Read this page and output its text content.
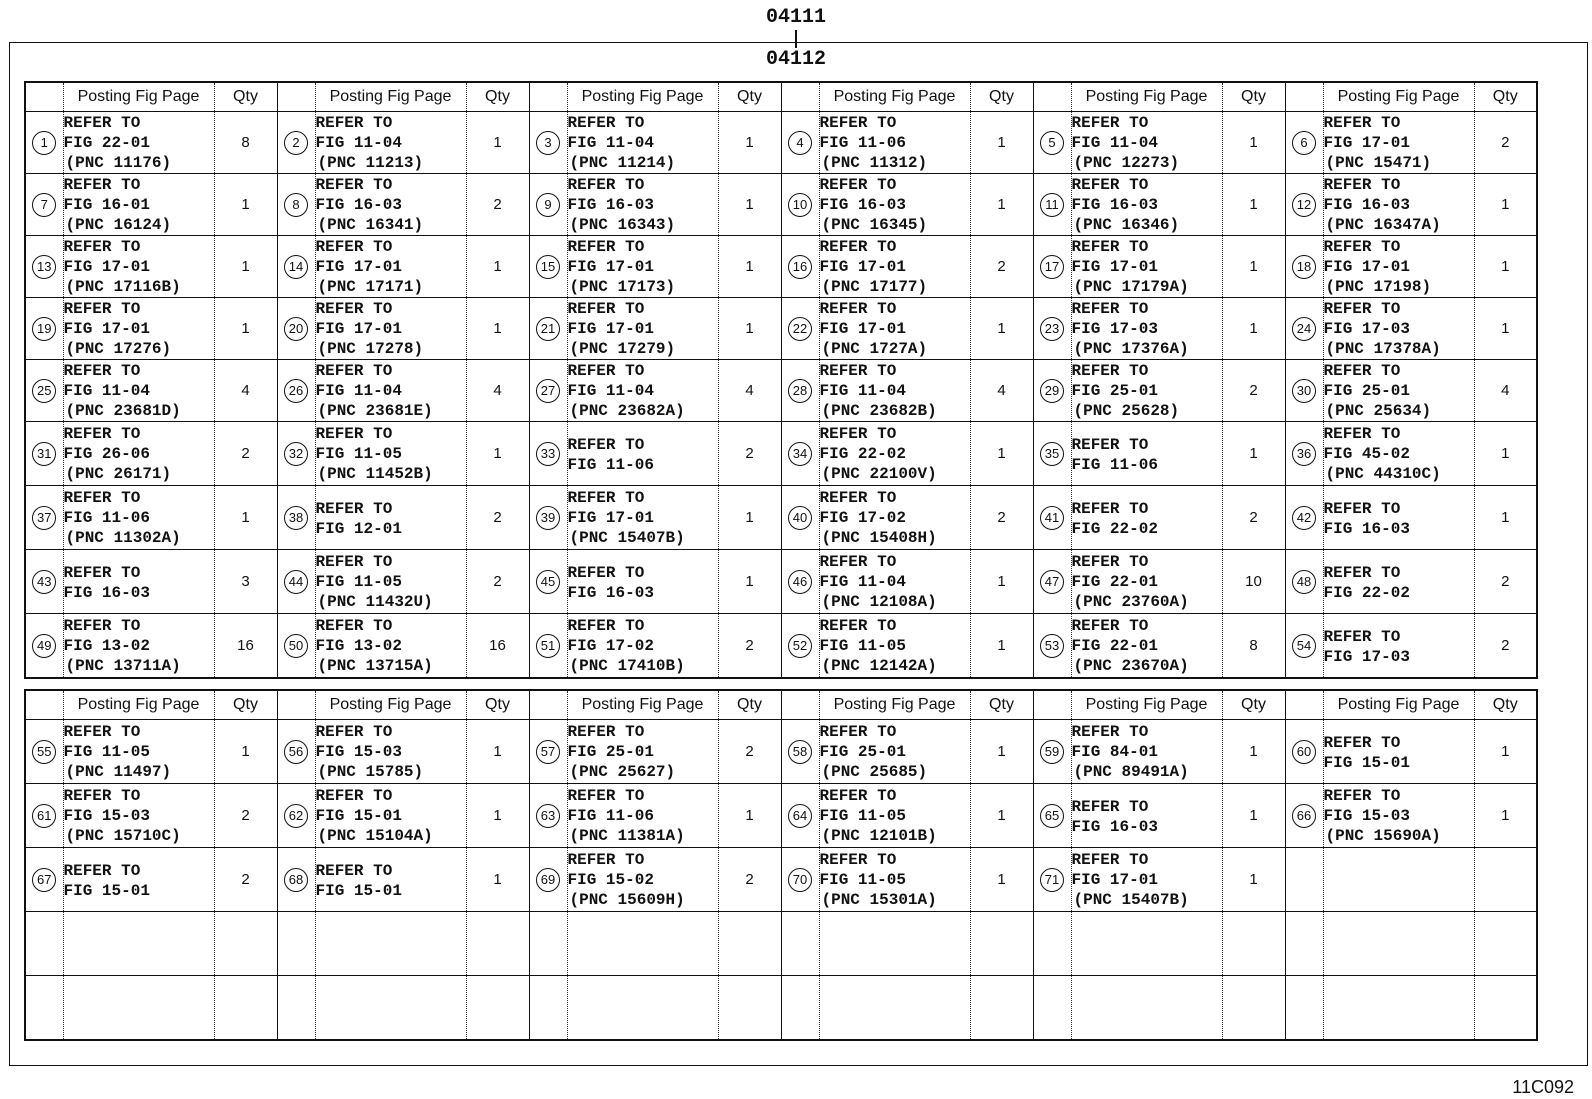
04111
04112
	Posting Fig Page	Qty		Posting Fig Page	Qty		Posting Fig Page	Qty		Posting Fig Page	Qty		Posting Fig Page	Qty		Posting Fig Page	Qty
1	REFER TO
FIG 22-01
(PNC 11176)	8	2	REFER TO
FIG 11-04
(PNC 11213)	1	3	REFER TO
FIG 11-04
(PNC 11214)	1	4	REFER TO
FIG 11-06
(PNC 11312)	1	5	REFER TO
FIG 11-04
(PNC 12273)	1	6	REFER TO
FIG 17-01
(PNC 15471)	2
7	REFER TO
FIG 16-01
(PNC 16124)	1	8	REFER TO
FIG 16-03
(PNC 16341)	2	9	REFER TO
FIG 16-03
(PNC 16343)	1	10	REFER TO
FIG 16-03
(PNC 16345)	1	11	REFER TO
FIG 16-03
(PNC 16346)	1	12	REFER TO
FIG 16-03
(PNC 16347A)	1
13	REFER TO
FIG 17-01
(PNC 17116B)	1	14	REFER TO
FIG 17-01
(PNC 17171)	1	15	REFER TO
FIG 17-01
(PNC 17173)	1	16	REFER TO
FIG 17-01
(PNC 17177)	2	17	REFER TO
FIG 17-01
(PNC 17179A)	1	18	REFER TO
FIG 17-01
(PNC 17198)	1
19	REFER TO
FIG 17-01
(PNC 17276)	1	20	REFER TO
FIG 17-01
(PNC 17278)	1	21	REFER TO
FIG 17-01
(PNC 17279)	1	22	REFER TO
FIG 17-01
(PNC 1727A)	1	23	REFER TO
FIG 17-03
(PNC 17376A)	1	24	REFER TO
FIG 17-03
(PNC 17378A)	1
25	REFER TO
FIG 11-04
(PNC 23681D)	4	26	REFER TO
FIG 11-04
(PNC 23681E)	4	27	REFER TO
FIG 11-04
(PNC 23682A)	4	28	REFER TO
FIG 11-04
(PNC 23682B)	4	29	REFER TO
FIG 25-01
(PNC 25628)	2	30	REFER TO
FIG 25-01
(PNC 25634)	4
31	REFER TO
FIG 26-06
(PNC 26171)	2	32	REFER TO
FIG 11-05
(PNC 11452B)	1	33	REFER TO
FIG 11-06	2	34	REFER TO
FIG 22-02
(PNC 22100V)	1	35	REFER TO
FIG 11-06	1	36	REFER TO
FIG 45-02
(PNC 44310C)	1
37	REFER TO
FIG 11-06
(PNC 11302A)	1	38	REFER TO
FIG 12-01	2	39	REFER TO
FIG 17-01
(PNC 15407B)	1	40	REFER TO
FIG 17-02
(PNC 15408H)	2	41	REFER TO
FIG 22-02	2	42	REFER TO
FIG 16-03	1
43	REFER TO
FIG 16-03	3	44	REFER TO
FIG 11-05
(PNC 11432U)	2	45	REFER TO
FIG 16-03	1	46	REFER TO
FIG 11-04
(PNC 12108A)	1	47	REFER TO
FIG 22-01
(PNC 23760A)	10	48	REFER TO
FIG 22-02	2
49	REFER TO
FIG 13-02
(PNC 13711A)	16	50	REFER TO
FIG 13-02
(PNC 13715A)	16	51	REFER TO
FIG 17-02
(PNC 17410B)	2	52	REFER TO
FIG 11-05
(PNC 12142A)	1	53	REFER TO
FIG 22-01
(PNC 23670A)	8	54	REFER TO
FIG 17-03	2
	Posting Fig Page	Qty		Posting Fig Page	Qty		Posting Fig Page	Qty		Posting Fig Page	Qty		Posting Fig Page	Qty		Posting Fig Page	Qty
55	REFER TO
FIG 11-05
(PNC 11497)	1	56	REFER TO
FIG 15-03
(PNC 15785)	1	57	REFER TO
FIG 25-01
(PNC 25627)	2	58	REFER TO
FIG 25-01
(PNC 25685)	1	59	REFER TO
FIG 84-01
(PNC 89491A)	1	60	REFER TO
FIG 15-01	1
61	REFER TO
FIG 15-03
(PNC 15710C)	2	62	REFER TO
FIG 15-01
(PNC 15104A)	1	63	REFER TO
FIG 11-06
(PNC 11381A)	1	64	REFER TO
FIG 11-05
(PNC 12101B)	1	65	REFER TO
FIG 16-03	1	66	REFER TO
FIG 15-03
(PNC 15690A)	1
67	REFER TO
FIG 15-01	2	68	REFER TO
FIG 15-01	1	69	REFER TO
FIG 15-02
(PNC 15609H)	2	70	REFER TO
FIG 11-05
(PNC 15301A)	1	71	REFER TO
FIG 17-01
(PNC 15407B)	1			

11C092
